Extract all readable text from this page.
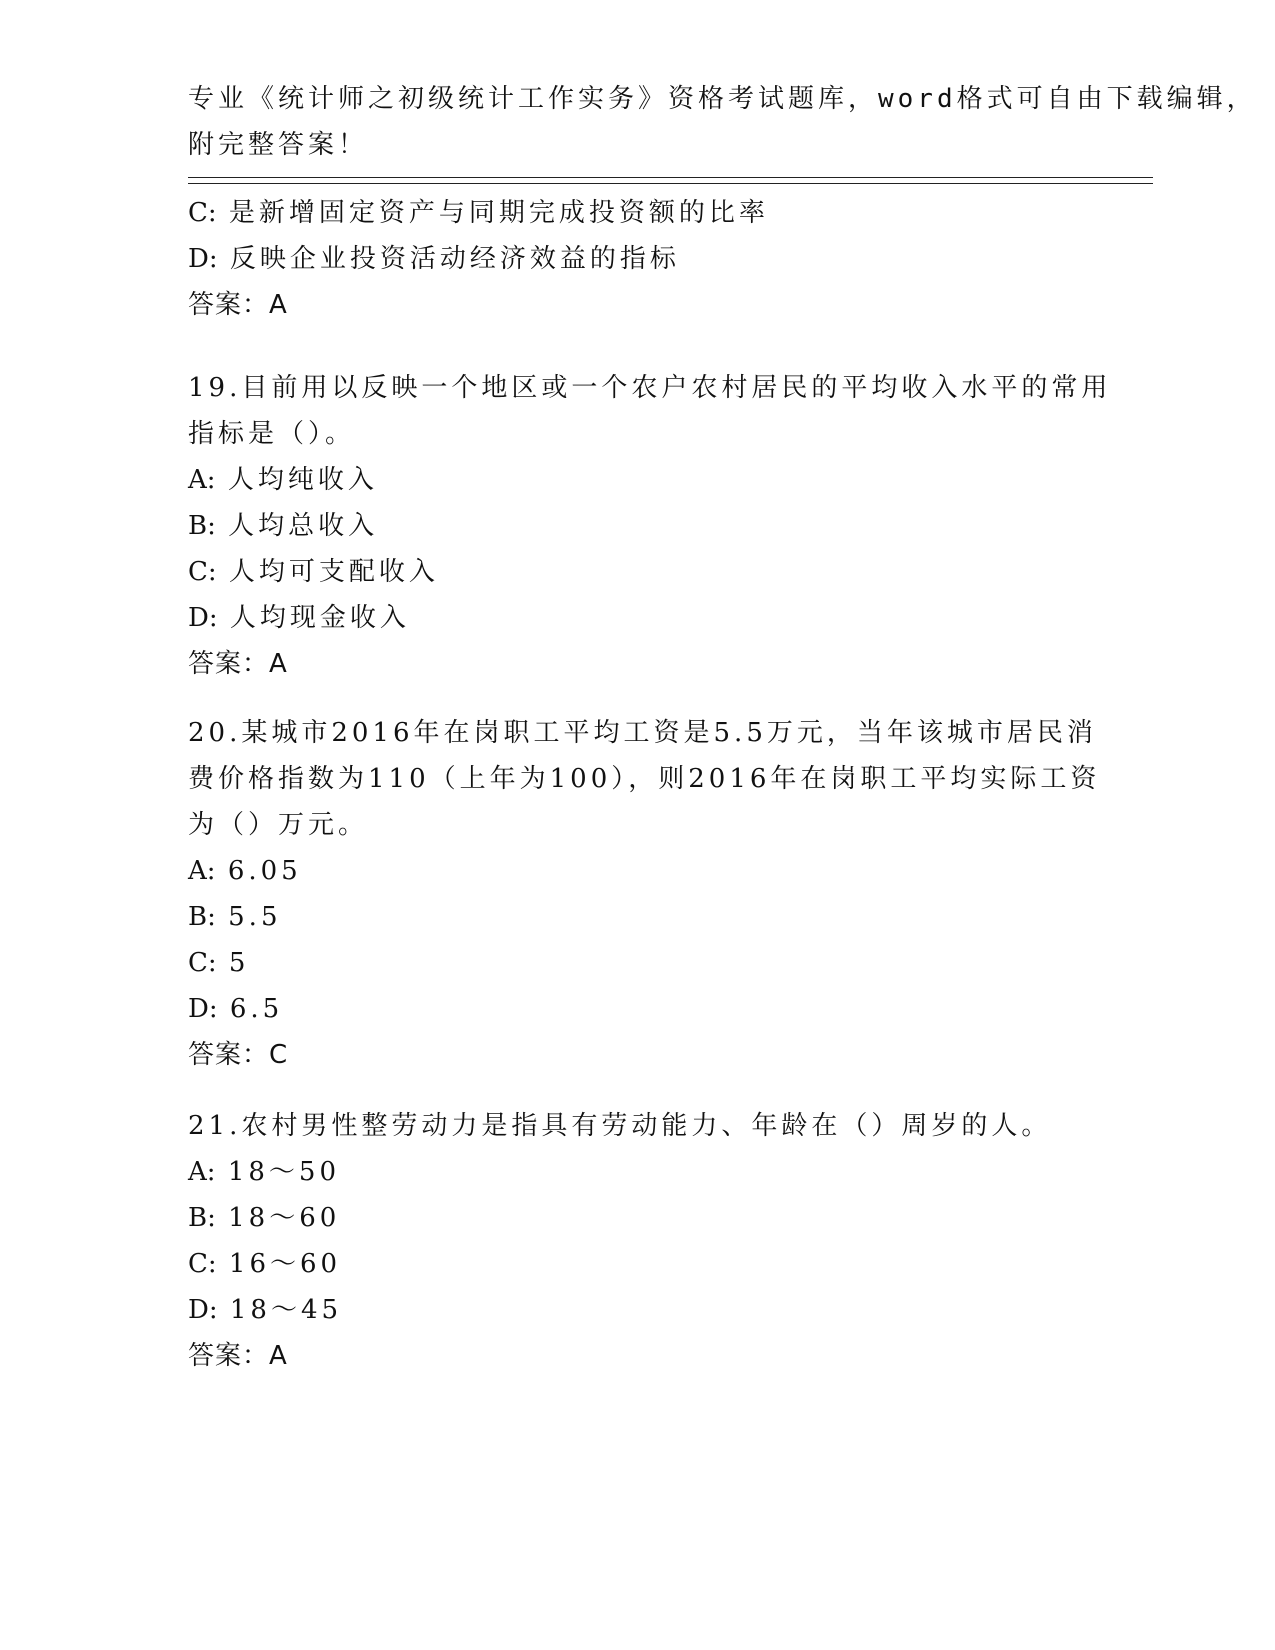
专业《统计师之初级统计工作实务》资格考试题库，word格式可自由下载编辑，
附完整答案！
C: 是新增固定资产与同期完成投资额的比率
D: 反映企业投资活动经济效益的指标
答案：A
19.目前用以反映一个地区或一个农户农村居民的平均收入水平的常用
指标是（）。
A: 人均纯收入
B: 人均总收入
C: 人均可支配收入
D: 人均现金收入
答案：A
20.某城市2016年在岗职工平均工资是5.5万元，当年该城市居民消
费价格指数为110（上年为100），则2016年在岗职工平均实际工资
为（）万元。
A: 6.05
B: 5.5
C: 5
D: 6.5
答案：C
21.农村男性整劳动力是指具有劳动能力、年龄在（）周岁的人。
A: 18～50
B: 18～60
C: 16～60
D: 18～45
答案：A
